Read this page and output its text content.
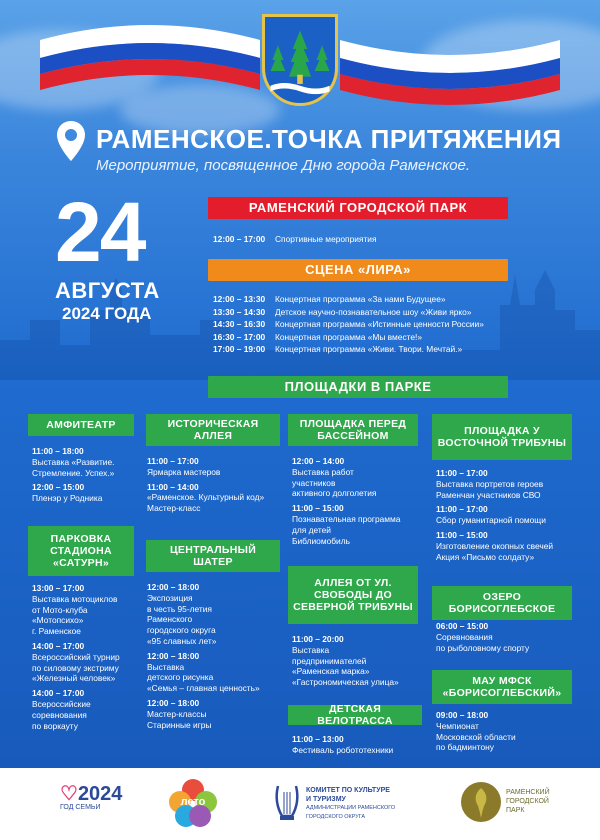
РАМЕНСКОЕ.ТОЧКА ПРИТЯЖЕНИЯ
Мероприятие, посвященное Дню города Раменское.
24
АВГУСТА
2024 ГОДА
РАМЕНСКИЙ ГОРОДСКОЙ ПАРК
12:00 – 17:00 Спортивные мероприятия
СЦЕНА «ЛИРА»
12:00 – 13:30 Концертная программа «За нами Будущее»
13:30 – 14:30 Детское научно-познавательное шоу «Живи ярко»
14:30 – 16:30 Концертная программа «Истинные ценности России»
16:30 – 17:00 Концертная программа «Мы вместе!»
17:00 – 19:00 Концертная программа «Живи. Твори. Мечтай.»
ПЛОЩАДКИ В ПАРКЕ
АМФИТЕАТР
11:00 – 18:00
Выставка «Развитие.
Стремление. Успех.»
12:00 – 15:00
Пленэр у Родника
ПАРКОВКА СТАДИОНА «САТУРН»
13:00 – 17:00
Выставка мотоциклов
от Мото-клуба
«Мотопсихо»
г. Раменское
14:00 – 17:00
Всероссийский турнир
по силовому экстриму
«Железный человек»
14:00 – 17:00
Всероссийские
соревнования
по воркауту
ИСТОРИЧЕСКАЯ АЛЛЕЯ
11:00 – 17:00
Ярмарка мастеров
11:00 – 14:00
«Раменское. Культурный код»
Мастер-класс
ЦЕНТРАЛЬНЫЙ ШАТЕР
12:00 – 18:00
Экспозиция
в честь 95-летия
Раменского
городского округа
«95 славных лет»
12:00 – 18:00
Выставка
детского рисунка
«Семья – главная ценность»
12:00 – 18:00
Мастер-классы
Старинные игры
ПЛОЩАДКА ПЕРЕД БАССЕЙНОМ
12:00 – 14:00
Выставка работ
участников
активного долголетия
11:00 – 15:00
Познавательная программа
для детей
Библиомобиль
АЛЛЕЯ ОТ УЛ. СВОБОДЫ ДО СЕВЕРНОЙ ТРИБУНЫ
11:00 – 20:00
Выставка
предпринимателей
«Раменская марка»
«Гастрономическая улица»
ДЕТСКАЯ ВЕЛОТРАССА
11:00 – 13:00
Фестиваль робототехники
ПЛОЩАДКА У ВОСТОЧНОЙ ТРИБУНЫ
11:00 – 17:00
Выставка портретов героев
Раменчан участников СВО
11:00 – 17:00
Сбор гуманитарной помощи
11:00 – 15:00
Изготовление окопных свечей
Акция «Письмо солдату»
ОЗЕРО БОРИСОГЛЕБСКОЕ
06:00 – 15:00
Соревнования
по рыболовному спорту
МАУ МФСК «БОРИСОГЛЕБСКИЙ»
09:00 – 18:00
Чемпионат
Московской области
по бадминтону
♡2024
ГОД СЕМЬИ	лето
КОМИТЕТ ПО КУЛЬТУРЕ
И ТУРИЗМУ
АДМИНИСТРАЦИИ РАМЕНСКОГО
ГОРОДСКОГО ОКРУГА
РАМЕНСКИЙ
ГОРОДСКОЙ
ПАРК
